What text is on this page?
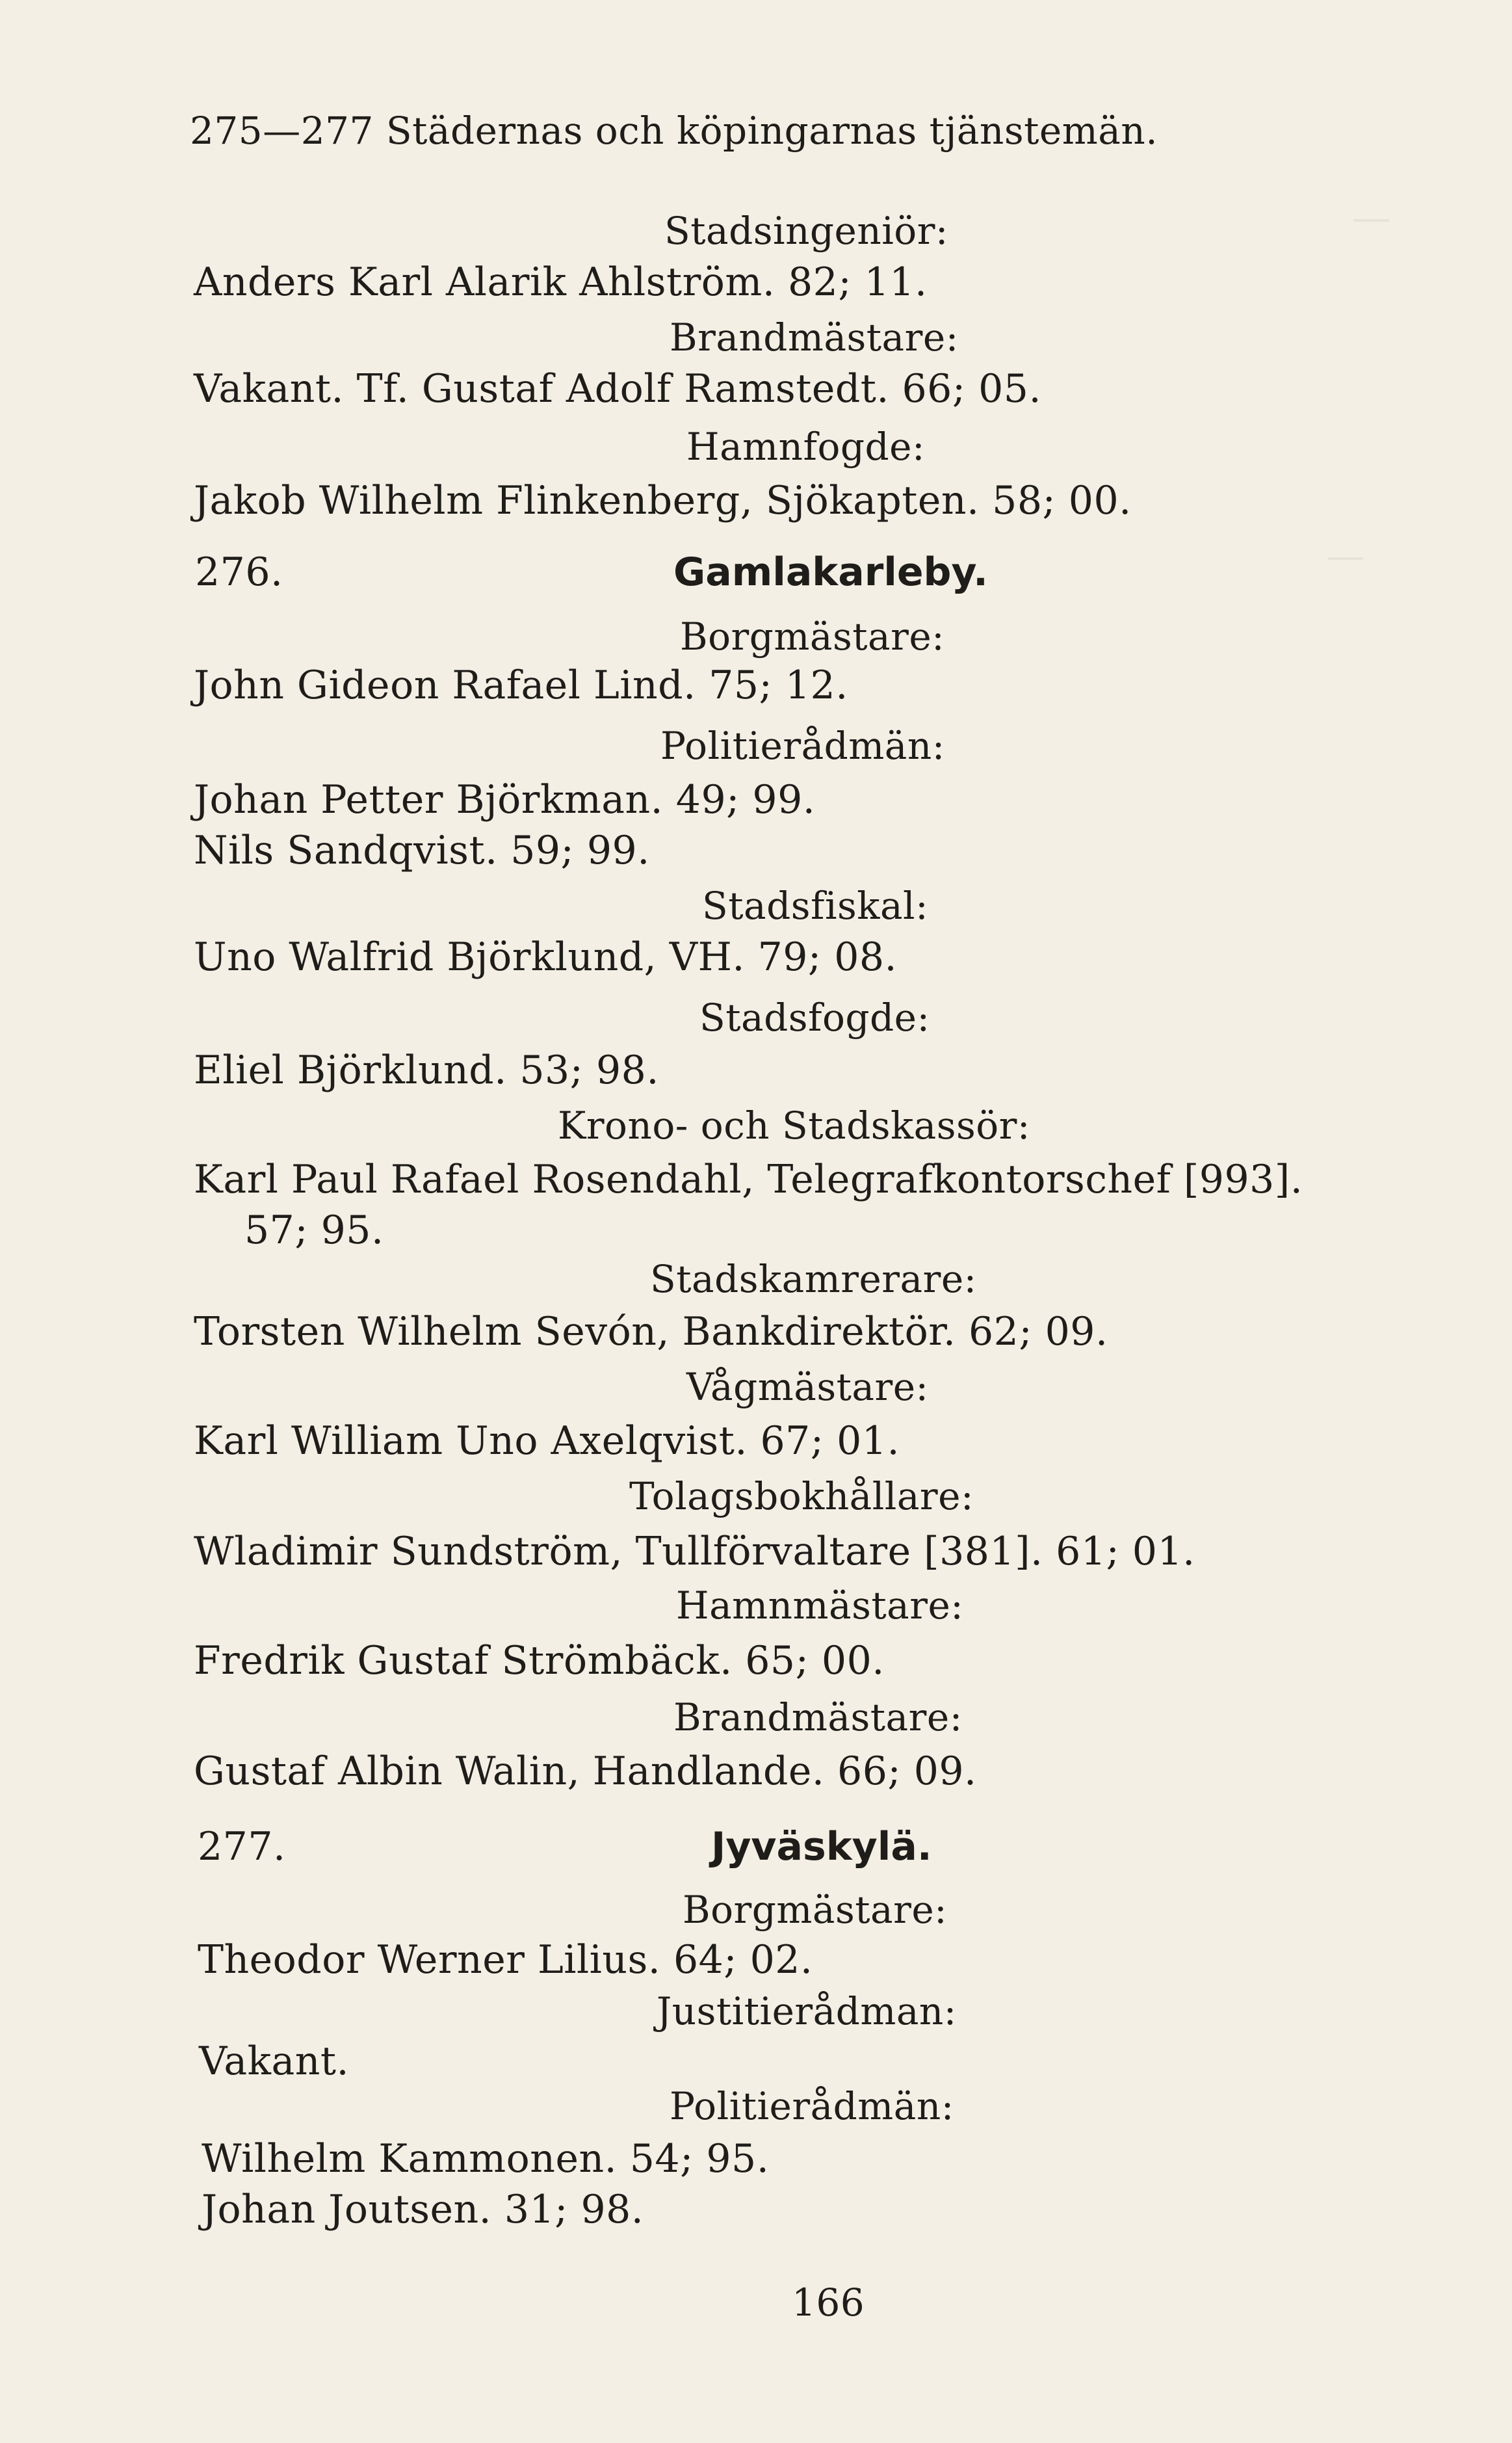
—
—
275—277 Städernas och köpingarnas tjänstemän.
Stadsingeniör:
Anders Karl Alarik Ahlström. 82; 11.
Brandmästare:
Vakant. Tf. Gustaf Adolf Ramstedt. 66; 05.
Hamnfogde:
Jakob Wilhelm Flinkenberg, Sjökapten. 58; 00.
276.	Gamlakarleby.
Borgmästare:
John Gideon Rafael Lind. 75; 12.
Politierådmän:
Johan Petter Björkman. 49; 99.
Nils Sandqvist. 59; 99.
Stadsfiskal:
Uno Walfrid Björklund, VH. 79; 08.
Stadsfogde:
Eliel Björklund. 53; 98.
Krono- och Stadskassör:
Karl Paul Rafael Rosendahl, Telegrafkontorschef [993].
57; 95.
Stadskamrerare:
Torsten Wilhelm Sevón, Bankdirektör. 62; 09.
Vågmästare:
Karl William Uno Axelqvist. 67; 01.
Tolagsbokhållare:
Wladimir Sundström, Tullförvaltare [381]. 61; 01.
Hamnmästare:
Fredrik Gustaf Strömbäck. 65; 00.
Brandmästare:
Gustaf Albin Walin, Handlande. 66; 09.
277.	Jyväskylä.
Borgmästare:
Theodor Werner Lilius. 64; 02.
Justitierådman:
Vakant.
Politierådmän:
Wilhelm Kammonen. 54; 95.
Johan Joutsen. 31; 98.
166
